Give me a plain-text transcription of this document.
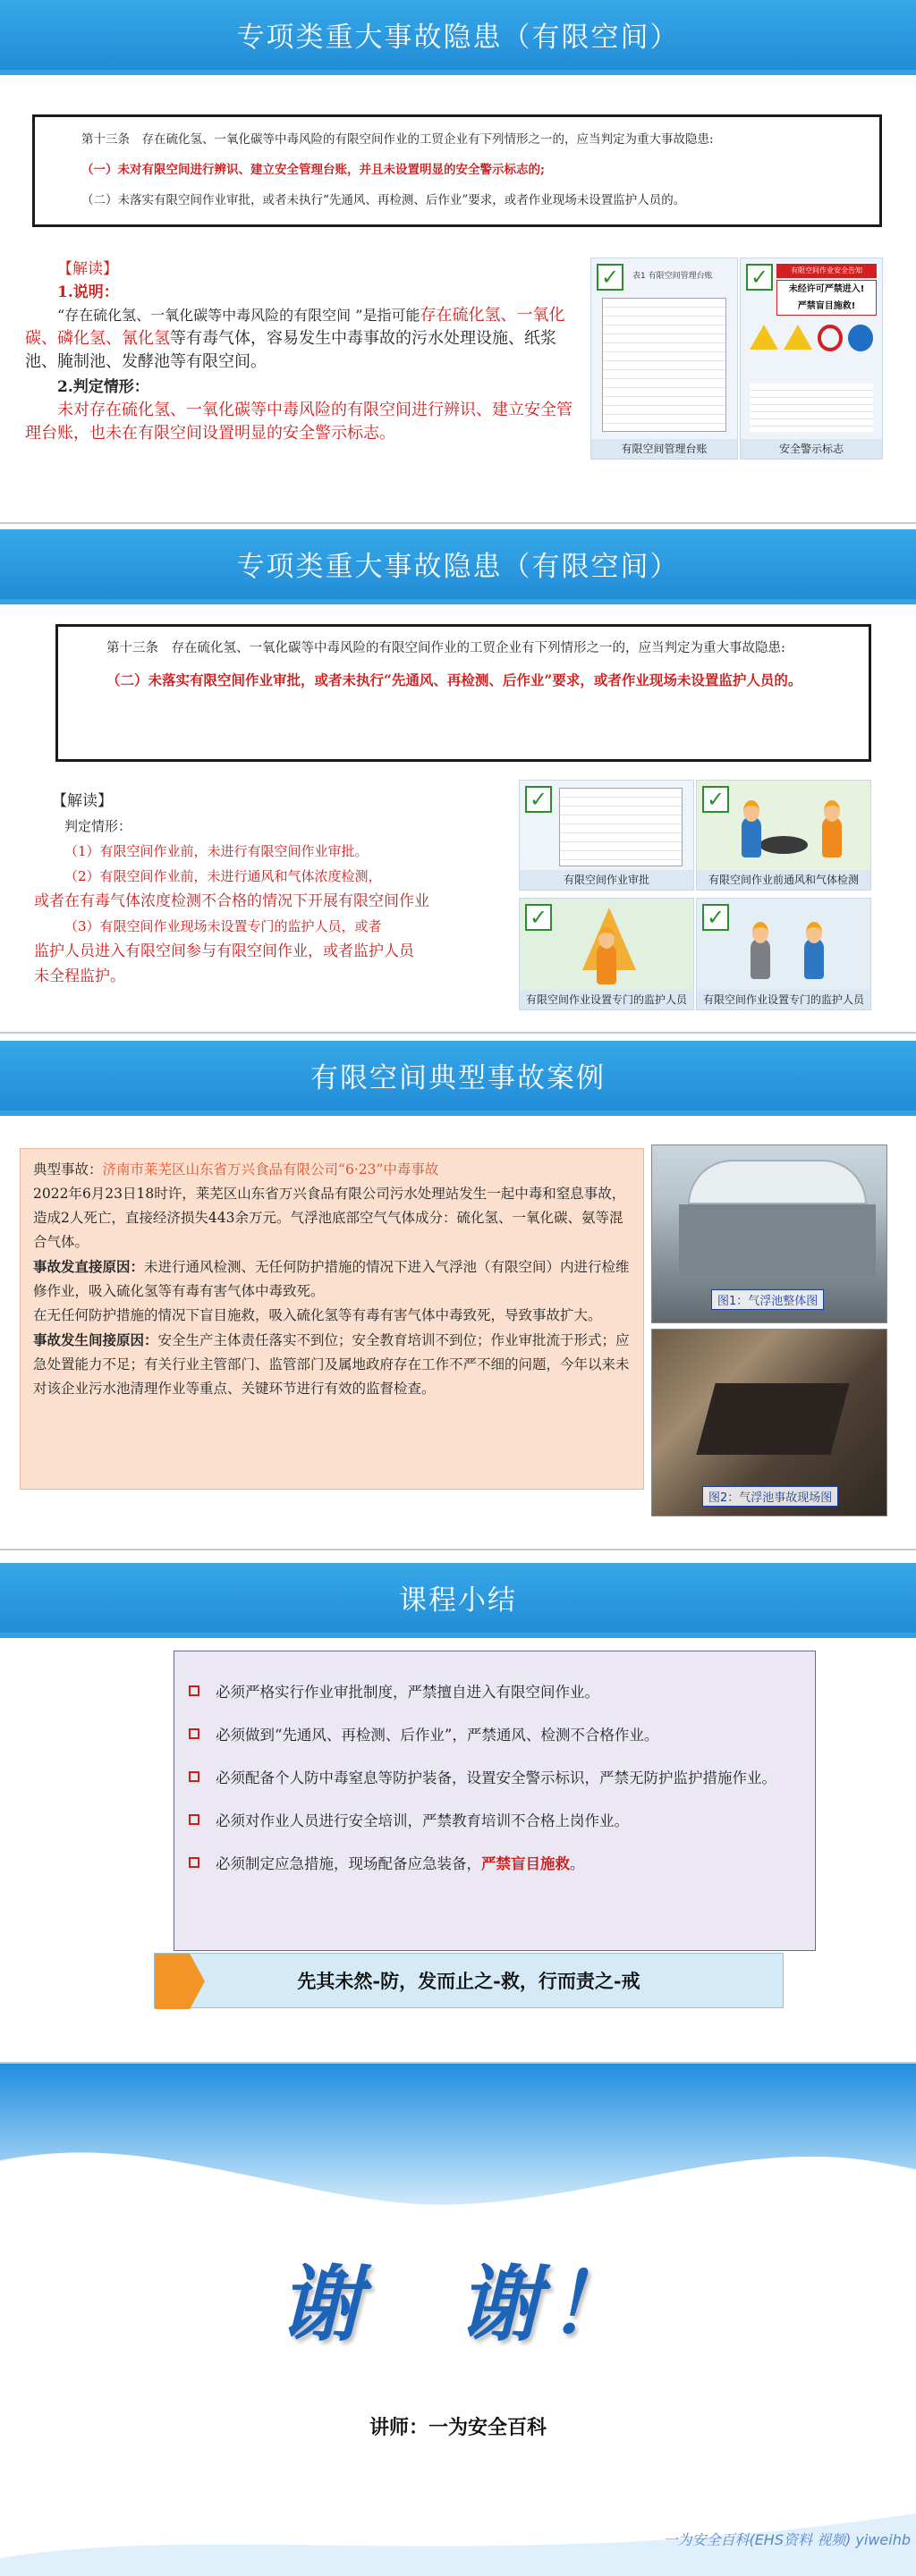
专项类重大事故隐患（有限空间）

第十三条　存在硫化氢、一氧化碳等中毒风险的有限空间作业的工贸企业有下列情形之一的，应当判定为重大事故隐患:

（一）未对有限空间进行辨识、建立安全管理台账，并且未设置明显的安全警示标志的;

（二）未落实有限空间作业审批，或者未执行“先通风、再检测、后作业”要求，或者作业现场未设置监护人员的。

【解读】
1.说明：
“存在硫化氢、一氧化碳等中毒风险的有限空间 ”是指可能存在硫化氢、一氧化碳、磷化氢、氰化氢等有毒气体，容易发生中毒事故的污水处理设施、纸浆池、腌制池、发酵池等有限空间。
2.判定情形：
未对存在硫化氢、一氧化碳等中毒风险的有限空间进行辨识、建立安全管理台账，也未在有限空间设置明显的安全警示标志。
✓	表1 有限空间管理台账
有限空间管理台账
✓	有限空间作业安全告知
未经许可严禁进入!
严禁盲目施救!
安全警示标志
专项类重大事故隐患（有限空间）

第十三条　存在硫化氢、一氧化碳等中毒风险的有限空间作业的工贸企业有下列情形之一的，应当判定为重大事故隐患:

（二）未落实有限空间作业审批，或者未执行“先通风、再检测、后作业”要求，或者作业现场未设置监护人员的。

【解读】
判定情形：
（1）有限空间作业前，未进行有限空间作业审批。
（2）有限空间作业前，未进行通风和气体浓度检测，
或者在有毒气体浓度检测不合格的情况下开展有限空间作业
（3）有限空间作业现场未设置专门的监护人员，或者
监护人员进入有限空间参与有限空间作业，或者监护人员
未全程监护。
✓
有限空间作业审批
✓
有限空间作业前通风和气体检测
✓
有限空间作业设置专门的监护人员
✓
有限空间作业设置专门的监护人员
有限空间典型事故案例
典型事故：济南市莱芜区山东省万兴食品有限公司“6·23”中毒事故
2022年6月23日18时许，莱芜区山东省万兴食品有限公司污水处理站发生一起中毒和窒息事故，造成2人死亡，直接经济损失443余万元。气浮池底部空气气体成分：硫化氢、一氧化碳、氨等混合气体。
事故发直接原因：未进行通风检测、无任何防护措施的情况下进入气浮池（有限空间）内进行检维修作业，吸入硫化氢等有毒有害气体中毒致死。
在无任何防护措施的情况下盲目施救，吸入硫化氢等有毒有害气体中毒致死，导致事故扩大。
事故发生间接原因：安全生产主体责任落实不到位；安全教育培训不到位；作业审批流于形式；应急处置能力不足；有关行业主管部门、监管部门及属地政府存在工作不严不细的问题，今年以来未对该企业污水池清理作业等重点、关键环节进行有效的监督检查。
图1：气浮池整体图
图2：气浮池事故现场图
课程小结
必须严格实行作业审批制度，严禁擅自进入有限空间作业。
必须做到“先通风、再检测、后作业”，严禁通风、检测不合格作业。
必须配备个人防中毒窒息等防护装备，设置安全警示标识，严禁无防护监护措施作业。
必须对作业人员进行安全培训，严禁教育培训不合格上岗作业。
必须制定应急措施，现场配备应急装备，严禁盲目施救。
先其未然-防，发而止之-救，行而责之-戒
谢　谢！
讲师：一为安全百科
一为安全百科(EHS资料 视频) yiweihb
